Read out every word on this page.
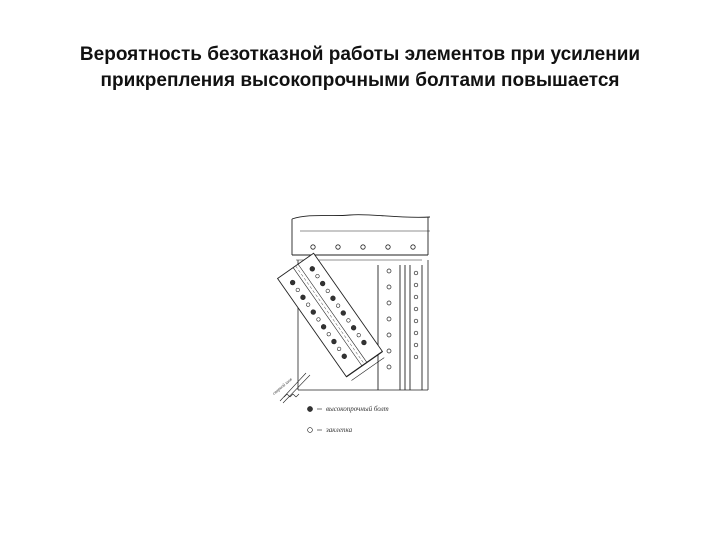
Вероятность безотказной работы элементов при усилении
прикрепления высокопрочными болтами повышается
сварной шов
высокопрочный болт
заклепка
